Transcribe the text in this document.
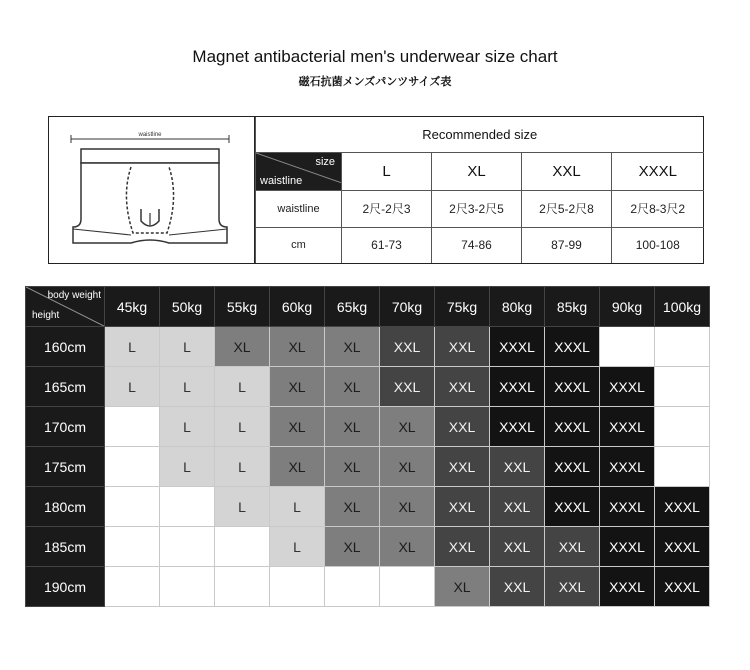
Magnet antibacterial men's underwear size chart
磁石抗菌メンズパンツサイズ表
waistline	Recommended size				

size
waistline	L	XL	XXL	XXXL
waistline	2尺-2尺3	2尺3-2尺5	2尺5-2尺8	2尺8-3尺2
cm	61-73	74-86	87-99	100-108
body weight
height	45kg	50kg	55kg	60kg	65kg	70kg	75kg	80kg	85kg	90kg	100kg
160cm	L	L	XL	XL	XL	XXL	XXL	XXXL	XXXL		
165cm	L	L	L	XL	XL	XXL	XXL	XXXL	XXXL	XXXL	
170cm		L	L	XL	XL	XL	XXL	XXXL	XXXL	XXXL	
175cm		L	L	XL	XL	XL	XXL	XXL	XXXL	XXXL	
180cm			L	L	XL	XL	XXL	XXL	XXXL	XXXL	XXXL
185cm				L	XL	XL	XXL	XXL	XXL	XXXL	XXXL
190cm							XL	XXL	XXL	XXXL	XXXL
